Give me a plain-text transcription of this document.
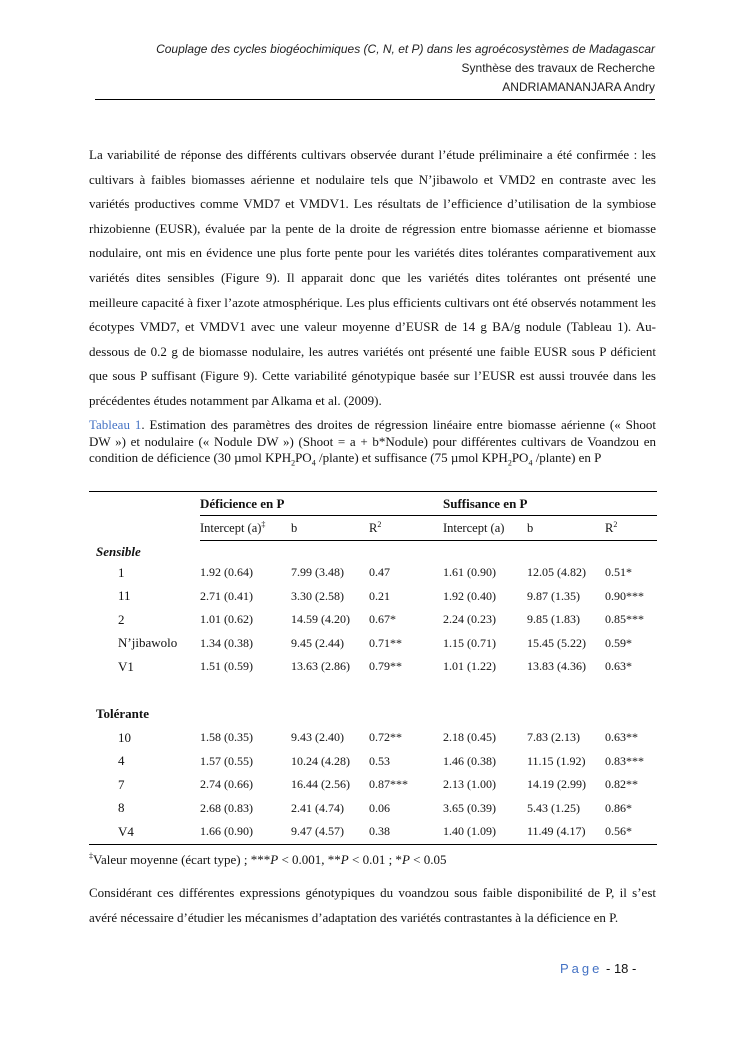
Couplage des cycles biogéochimiques (C, N, et P) dans les agroécosystèmes de Madagascar
Synthèse des travaux de Recherche
ANDRIAMANANJARA Andry
La variabilité de réponse des différents cultivars observée durant l’étude préliminaire a été confirmée : les cultivars à faibles biomasses aérienne et nodulaire tels que N’jibawolo et VMD2 en contraste avec les variétés productives comme VMD7 et VMDV1. Les résultats de l’efficience d’utilisation de la symbiose rhizobienne (EUSR), évaluée par la pente de la droite de régression entre biomasse aérienne et biomasse nodulaire, ont mis en évidence une plus forte pente pour les variétés dites tolérantes comparativement aux variétés dites sensibles (Figure 9). Il apparait donc que les variétés dites tolérantes ont présenté une meilleure capacité à fixer l’azote atmosphérique. Les plus efficients cultivars ont été observés notamment les écotypes VMD7, et VMDV1 avec une valeur moyenne d’EUSR de 14 g BA/g nodule (Tableau 1). Au-dessous de 0.2 g de biomasse nodulaire, les autres variétés ont présenté une faible EUSR sous P déficient que sous P suffisant (Figure 9). Cette variabilité génotypique basée sur l’EUSR est aussi trouvée dans les précédentes études notamment par Alkama et al. (2009).
Tableau 1. Estimation des paramètres des droites de régression linéaire entre biomasse aérienne (« Shoot DW ») et nodulaire (« Nodule DW ») (Shoot = a + b*Nodule) pour différentes cultivars de Voandzou en condition de déficience (30 µmol $KPH_2PO_4$ /plante) et suffisance (75 µmol $KPH_2PO_4$ /plante) en P
	Déficience en P			Suffisance en P		
	Intercept (a)‡	b	$R^2$	Intercept (a)	b	$R^2$
Sensible						
1	1.92 (0.64)	7.99 (3.48)	0.47	1.61 (0.90)	12.05 (4.82)	0.51*
11	2.71 (0.41)	3.30 (2.58)	0.21	1.92 (0.40)	9.87 (1.35)	0.90***
2	1.01 (0.62)	14.59 (4.20)	0.67*	2.24 (0.23)	9.85 (1.83)	0.85***
N’jibawolo	1.34 (0.38)	9.45 (2.44)	0.71**	1.15 (0.71)	15.45 (5.22)	0.59*
V1	1.51 (0.59)	13.63 (2.86)	0.79**	1.01 (1.22)	13.83 (4.36)	0.63*

Tolérante						
10	1.58 (0.35)	9.43 (2.40)	0.72**	2.18 (0.45)	7.83 (2.13)	0.63**
4	1.57 (0.55)	10.24 (4.28)	0.53	1.46 (0.38)	11.15 (1.92)	0.83***
7	2.74 (0.66)	16.44 (2.56)	0.87***	2.13 (1.00)	14.19 (2.99)	0.82**
8	2.68 (0.83)	2.41 (4.74)	0.06	3.65 (0.39)	5.43 (1.25)	0.86*
V4	1.66 (0.90)	9.47 (4.57)	0.38	1.40 (1.09)	11.49 (4.17)	0.56*
‡Valeur moyenne (écart type) ; ***P < 0.001, **P < 0.01 ; *P < 0.05
Considérant ces différentes expressions génotypiques du voandzou sous faible disponibilité de P, il s’est avéré nécessaire d’étudier les mécanismes d’adaptation des variétés contrastantes à la déficience en P.
Page - 18 -
